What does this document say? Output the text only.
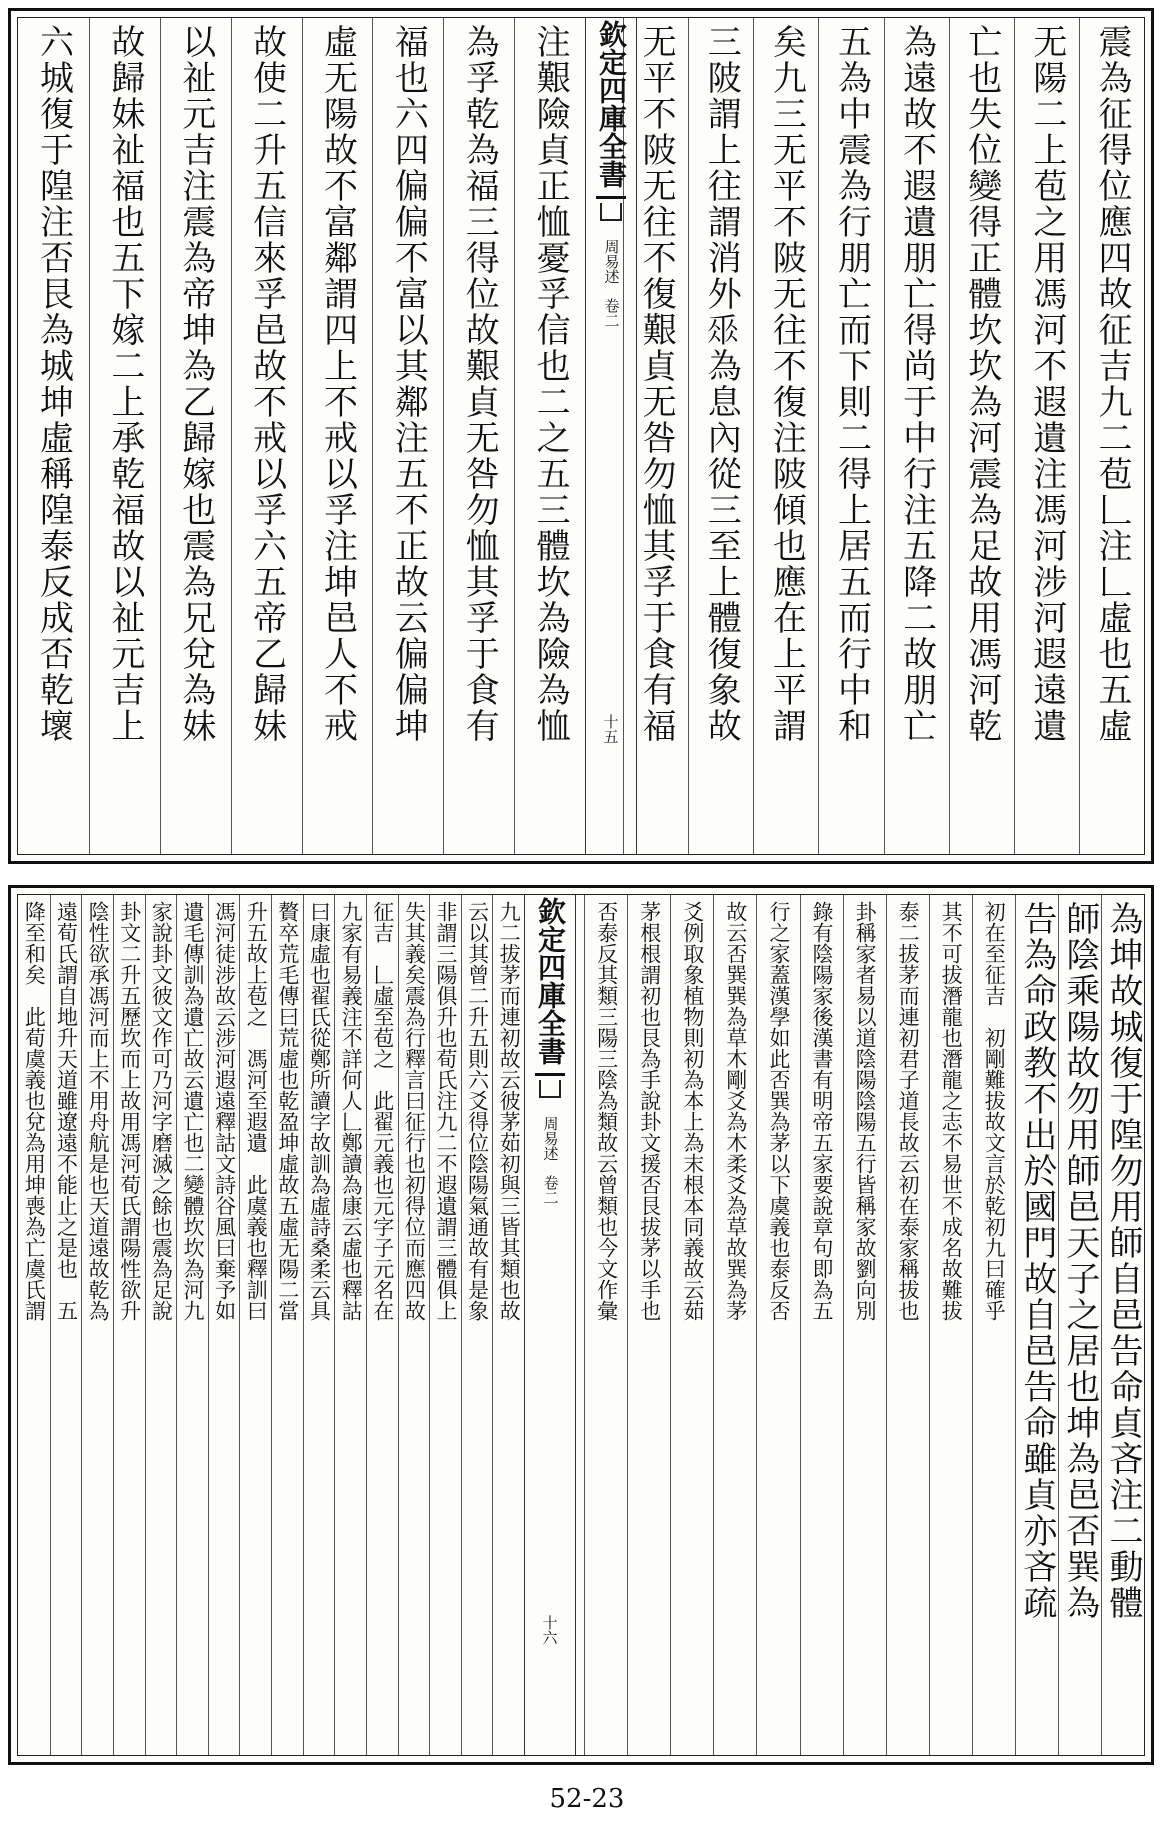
震為征得位應四故征吉九二苞𠃊注𠃊虛也五虛
无陽二上苞之用馮河不遐遺注馮河涉河遐遠遺
亡也失位變得正體坎坎為河震為足故用馮河乾
為遠故不遐遺朋亡得尚于中行注五降二故朋亡
五為中震為行朋亡而下則二得上居五而行中和
矣九三无平不陂无往不復注陂傾也應在上平謂
三陂謂上往謂消外𠂹為息內從三至上體復象故
无平不陂无往不復艱貞无咎勿恤其孚于食有福
欽定四庫全書
周易述
卷二
十五
注艱險貞正恤憂孚信也二之五三體坎為險為恤
為孚乾為福三得位故艱貞无咎勿恤其孚于食有
福也六四偏偏不富以其鄰注五不正故云偏偏坤
虛无陽故不富鄰謂四上不戒以孚注坤邑人不戒
故使二升五信來孚邑故不戒以孚六五帝乙歸妹
以祉元吉注震為帝坤為乙歸嫁也震為兄兌為妹
故歸妹祉福也五下嫁二上承乾福故以祉元吉上
六城復于隍注否艮為城坤虛稱隍泰反成否乾壞
為坤故城復于隍勿用師自邑告命貞吝注二動體
師陰乘陽故勿用師邑天子之居也坤為邑否巽為
告為命政教不出於國門故自邑告命雖貞亦吝疏
初在至征吉　初剛難拔故文言於乾初九曰確乎
其不可拔潛龍也潛龍之志不易世不成名故難拔
泰二拔茅而連初君子道長故云初在泰家稱拔也
卦稱家者易以道陰陽陰陽五行皆稱家故劉向別
錄有陰陽家後漢書有明帝五家要說章句即為五
行之家蓋漢學如此否巽為茅以下虞義也泰反否
故云否巽巽為草木剛爻為木柔爻為草故巽為茅
爻例取象植物則初為本上為末根本同義故云茹
茅根根謂初也艮為手說卦文援否艮拔茅以手也
否泰反其類三陽三陰為類故云曾類也今文作彙
欽定四庫全書
周易述
卷二
十六
九二拔茅而連初故云彼茅茹初與三皆其類也故
云以其曾二升五則六爻得位陰陽氣通故有是象
非謂三陽俱升也荀氏注九二不遐遺謂三體俱上
失其義矣震為行釋言曰征行也初得位而應四故
征吉　𠃊虛至苞之　此翟元義也元字子元名在
九家有易義注不詳何人𠃊鄭讀為康云虛也釋詁
曰康虛也翟氏從鄭所讀字故訓為虛詩桑柔云具
贅卒荒毛傳曰荒虛也乾盈坤虛故五虛无陽二當
升五故上苞之　馮河至遐遺　此虞義也釋訓曰
馮河徒涉故云涉河遐遠釋詁文詩谷風曰棄予如
遺毛傳訓為遺亡故云遺亡也二變體坎坎為河九
家說卦文彼文作可乃河字磨滅之餘也震為足說
卦文二升五歷坎而上故用馮河荀氏謂陽性欲升
陰性欲承馮河而上不用舟航是也天道遠故乾為
遠荀氏謂自地升天道雖遼遠不能止之是也　五
降至和矣　此荀虞義也兌為用坤喪為亡虞氏謂
52-23
